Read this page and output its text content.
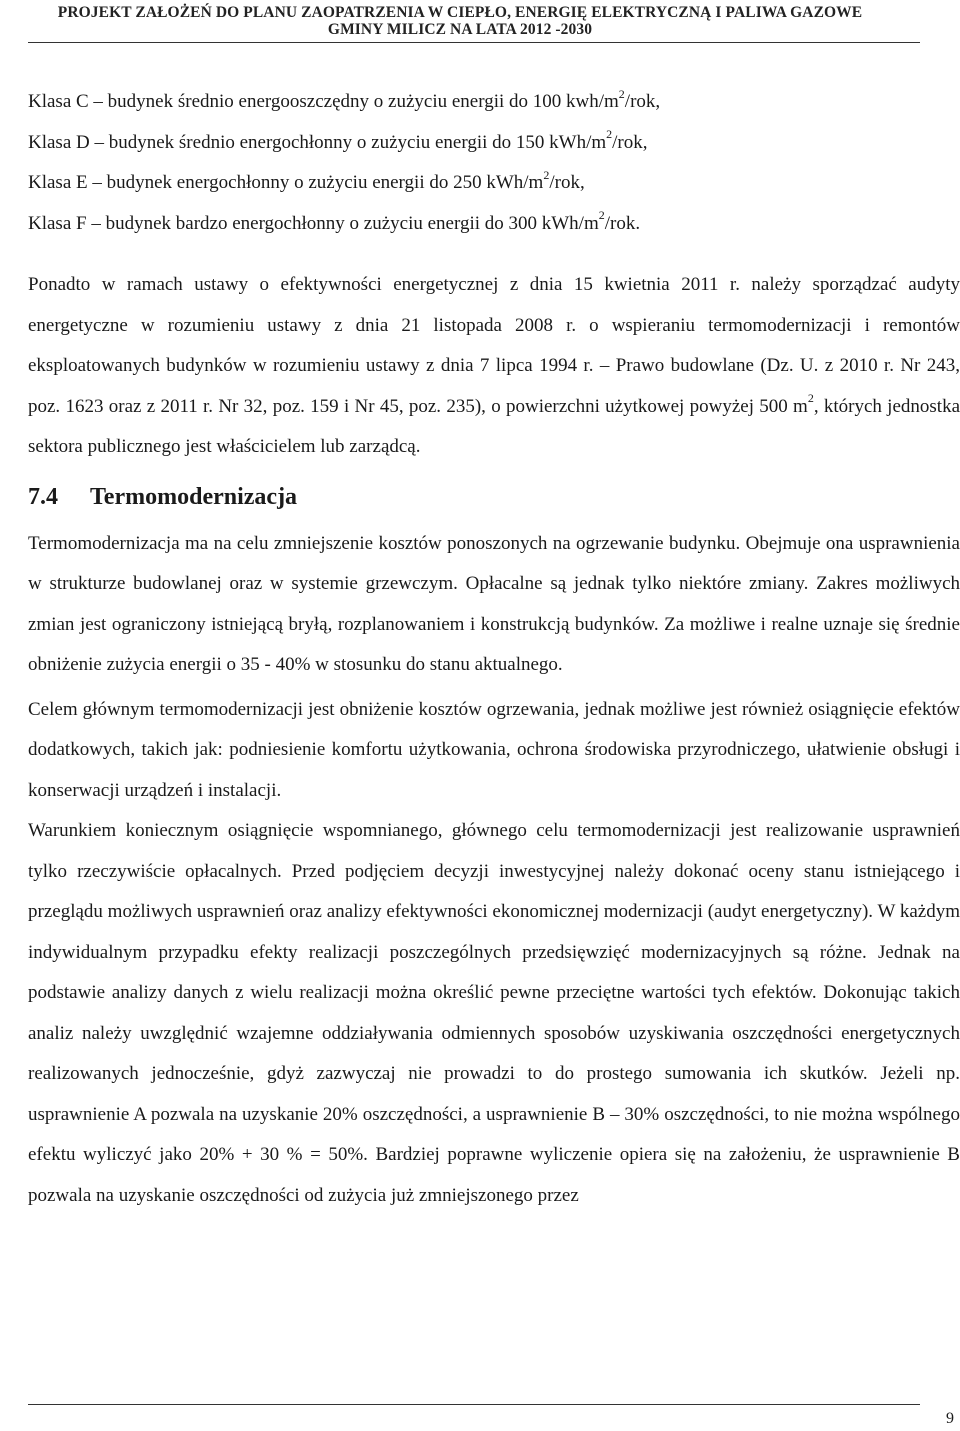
PROJEKT ZAŁOŻEŃ DO PLANU ZAOPATRZENIA W CIEPŁO, ENERGIĘ ELEKTRYCZNĄ I PALIWA GAZOWE
GMINY MILICZ NA LATA 2012 -2030
Klasa C – budynek średnio energooszczędny o zużyciu energii do 100 kwh/$m^2$/rok,
Klasa D – budynek średnio energochłonny o zużyciu energii do 150 kWh/$m^2$/rok,
Klasa E – budynek energochłonny o zużyciu energii do 250 kWh/$m^2$/rok,
Klasa F – budynek bardzo energochłonny o zużyciu energii do 300 kWh/$m^2$/rok.

Ponadto w ramach ustawy o efektywności energetycznej z dnia 15 kwietnia 2011 r. należy sporządzać audyty energetyczne w rozumieniu ustawy z dnia 21 listopada 2008 r. o wspieraniu termomodernizacji i remontów eksploatowanych budynków w rozumieniu ustawy z dnia 7 lipca 1994 r. – Prawo budowlane (Dz. U. z 2010 r. Nr 243, poz. 1623 oraz z 2011 r. Nr 32, poz. 159 i Nr 45, poz. 235), o powierzchni użytkowej powyżej 500 $m^2$, których jednostka sektora publicznego jest właścicielem lub zarządcą.

7.4 Termomodernizacja

Termomodernizacja ma na celu zmniejszenie kosztów ponoszonych na ogrzewanie budynku. Obejmuje ona usprawnienia w strukturze budowlanej oraz w systemie grzewczym. Opłacalne są jednak tylko niektóre zmiany. Zakres możliwych zmian jest ograniczony istniejącą bryłą, rozplanowaniem i konstrukcją budynków. Za możliwe i realne uznaje się średnie obniżenie zużycia energii o 35 - 40% w stosunku do stanu aktualnego.

Celem głównym termomodernizacji jest obniżenie kosztów ogrzewania, jednak możliwe jest również osiągnięcie efektów dodatkowych, takich jak: podniesienie komfortu użytkowania, ochrona środowiska przyrodniczego, ułatwienie obsługi i konserwacji urządzeń i instalacji.

Warunkiem koniecznym osiągnięcie wspomnianego, głównego celu termomodernizacji jest realizowanie usprawnień tylko rzeczywiście opłacalnych. Przed podjęciem decyzji inwestycyjnej należy dokonać oceny stanu istniejącego i przeglądu możliwych usprawnień oraz analizy efektywności ekonomicznej modernizacji (audyt energetyczny). W każdym indywidualnym przypadku efekty realizacji poszczególnych przedsięwzięć modernizacyjnych są różne. Jednak na podstawie analizy danych z wielu realizacji można określić pewne przeciętne wartości tych efektów. Dokonując takich analiz należy uwzględnić wzajemne oddziaływania odmiennych sposobów uzyskiwania oszczędności energetycznych realizowanych jednocześnie, gdyż zazwyczaj nie prowadzi to do prostego sumowania ich skutków. Jeżeli np. usprawnienie A pozwala na uzyskanie 20% oszczędności, a usprawnienie B – 30% oszczędności, to nie można wspólnego efektu wyliczyć jako 20% + 30 % = 50%. Bardziej poprawne wyliczenie opiera się na założeniu, że usprawnienie B pozwala na uzyskanie oszczędności od zużycia już zmniejszonego przez

9
